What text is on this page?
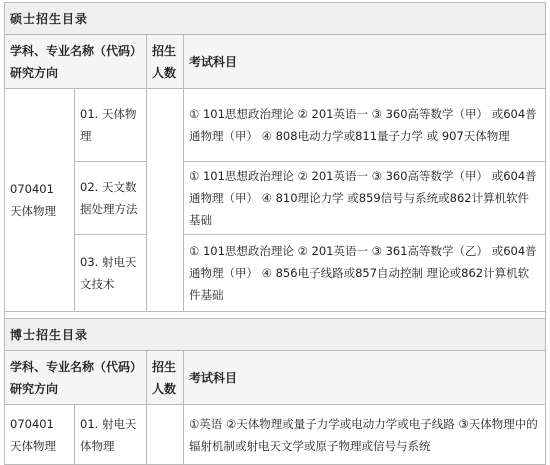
硕士招生目录			
学科、专业名称（代码）研究方向		招生人数	考试科目
070401 天体物理	01. 天体物理		① 101思想政治理论 ② 201英语一 ③ 360高等数学（甲） 或604普通物理（甲） ④ 808电动力学或811量子力学 或 907天体物理
	02. 天文数据处理方法		① 101思想政治理论 ② 201英语一 ③ 360高等数学（甲） 或604普通物理（甲） ④ 810理论力学 或859信号与系统或862计算机软件基础
	03. 射电天文技术		① 101思想政治理论 ② 201英语一 ③ 361高等数学（乙） 或604普通物理（甲） ④ 856电子线路或857自动控制 理论或862计算机软件基础

博士招生目录			
学科、专业名称（代码）研究方向		招生人数	考试科目
070401 天体物理	01. 射电天体物理		①英语 ②天体物理或量子力学或电动力学或电子线路 ③天体物理中的辐射机制或射电天文学或原子物理或信号与系统
